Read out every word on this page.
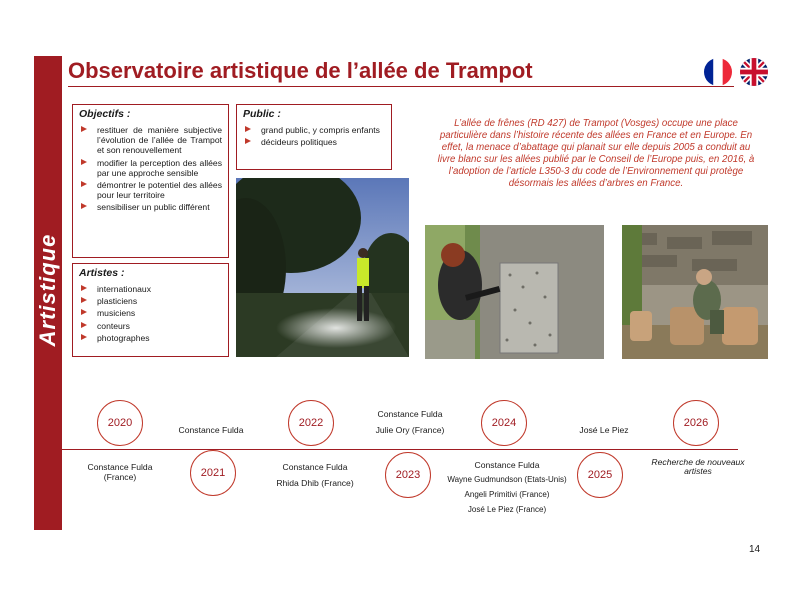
Artistique
Observatoire artistique de l’allée de Trampot
Objectifs :
restituer de manière subjective l’évolution de l’allée de Trampot et son renouvellement
modifier la perception des allées par une approche sensible
démontrer le potentiel des allées pour leur territoire
sensibiliser un public différent
Artistes :
internationaux
plasticiens
musiciens
conteurs
photographes
Public :
grand public, y compris enfants
décideurs politiques
L’allée de frênes (RD 427) de Trampot (Vosges) occupe une place particulière dans l’histoire récente des allées en France et en Europe. En effet, la menace d’abattage qui planait sur elle depuis 2005 a conduit au livre blanc sur les allées publié par le Conseil de l’Europe puis, en 2016, à l’adoption de l’article L350-3 du code de l’Environnement qui protège désormais les allées d’arbres en France.
2020
2021
2022
2023
2024
2025
2026
Constance Fulda
(France)
Constance Fulda
Constance Fulda
Rhida Dhib (France)
Constance Fulda
Julie Ory (France)
Constance Fulda
Wayne Gudmundson (Etats-Unis)
Angeli Primitivi (France)
José Le Piez (France)
José Le Piez
Recherche de nouveaux
artistes
14
